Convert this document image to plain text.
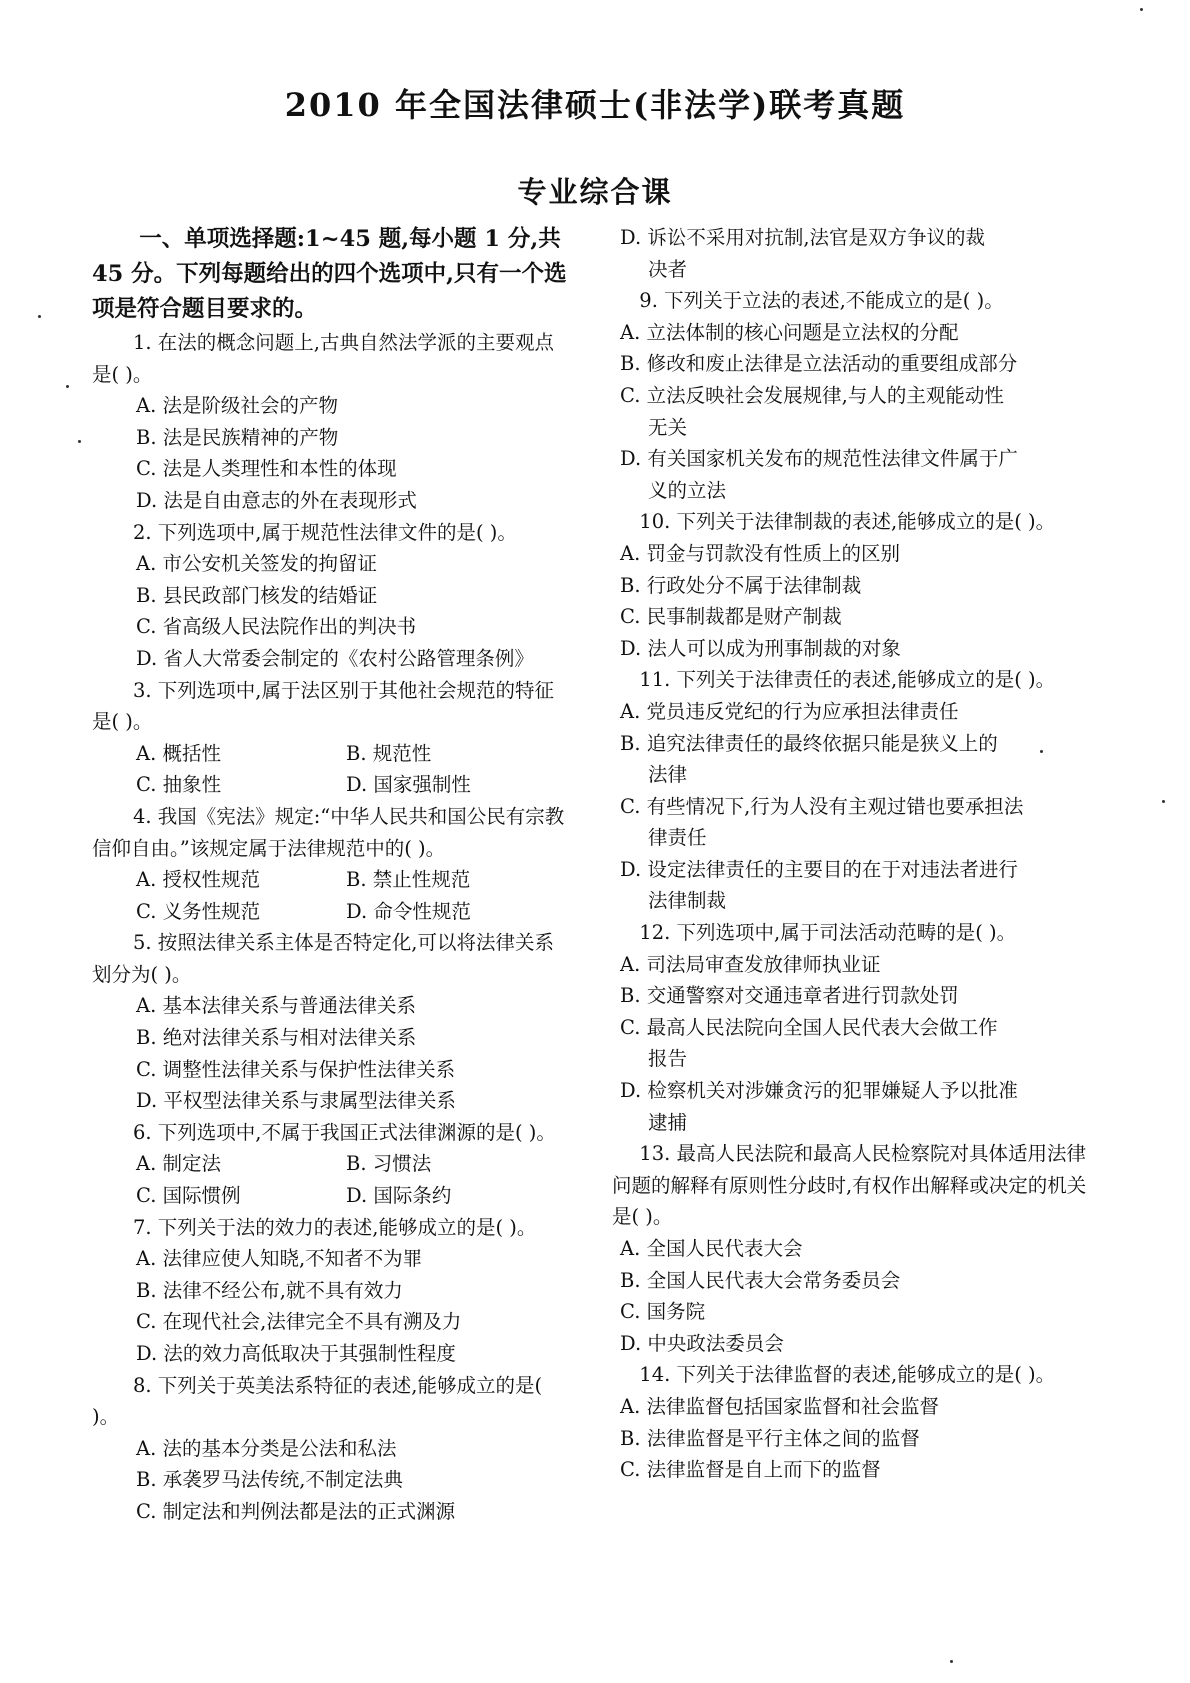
2010 年全国法律硕士(非法学)联考真题
专业综合课

一、单项选择题:1~45 题,每小题 1 分,共 45 分。下列每题给出的四个选项中,只有一个选项是符合题目要求的。

1. 在法的概念问题上,古典自然法学派的主要观点是( )。

A. 法是阶级社会的产物

B. 法是民族精神的产物

C. 法是人类理性和本性的体现

D. 法是自由意志的外在表现形式

2. 下列选项中,属于规范性法律文件的是( )。

A. 市公安机关签发的拘留证

B. 县民政部门核发的结婚证

C. 省高级人民法院作出的判决书

D. 省人大常委会制定的《农村公路管理条例》

3. 下列选项中,属于法区别于其他社会规范的特征是( )。

A. 概括性	B. 规范性
C. 抽象性	D. 国家强制性

4. 我国《宪法》规定:“中华人民共和国公民有宗教信仰自由。”该规定属于法律规范中的( )。

A. 授权性规范	B. 禁止性规范
C. 义务性规范	D. 命令性规范

5. 按照法律关系主体是否特定化,可以将法律关系划分为( )。

A. 基本法律关系与普通法律关系

B. 绝对法律关系与相对法律关系

C. 调整性法律关系与保护性法律关系

D. 平权型法律关系与隶属型法律关系

6. 下列选项中,不属于我国正式法律渊源的是( )。

A. 制定法	B. 习惯法
C. 国际惯例	D. 国际条约

7. 下列关于法的效力的表述,能够成立的是( )。

A. 法律应使人知晓,不知者不为罪

B. 法律不经公布,就不具有效力

C. 在现代社会,法律完全不具有溯及力

D. 法的效力高低取决于其强制性程度

8. 下列关于英美法系特征的表述,能够成立的是( )。

A. 法的基本分类是公法和私法

B. 承袭罗马法传统,不制定法典

C. 制定法和判例法都是法的正式渊源

D. 诉讼不采用对抗制,法官是双方争议的裁
决者

9. 下列关于立法的表述,不能成立的是( )。

A. 立法体制的核心问题是立法权的分配

B. 修改和废止法律是立法活动的重要组成部分

C. 立法反映社会发展规律,与人的主观能动性
无关

D. 有关国家机关发布的规范性法律文件属于广
义的立法

10. 下列关于法律制裁的表述,能够成立的是( )。

A. 罚金与罚款没有性质上的区别

B. 行政处分不属于法律制裁

C. 民事制裁都是财产制裁

D. 法人可以成为刑事制裁的对象

11. 下列关于法律责任的表述,能够成立的是( )。

A. 党员违反党纪的行为应承担法律责任

B. 追究法律责任的最终依据只能是狭义上的
法律

C. 有些情况下,行为人没有主观过错也要承担法
律责任

D. 设定法律责任的主要目的在于对违法者进行
法律制裁

12. 下列选项中,属于司法活动范畴的是( )。

A. 司法局审查发放律师执业证

B. 交通警察对交通违章者进行罚款处罚

C. 最高人民法院向全国人民代表大会做工作
报告

D. 检察机关对涉嫌贪污的犯罪嫌疑人予以批准
逮捕

13. 最高人民法院和最高人民检察院对具体适用法律问题的解释有原则性分歧时,有权作出解释或决定的机关是( )。

A. 全国人民代表大会

B. 全国人民代表大会常务委员会

C. 国务院

D. 中央政法委员会

14. 下列关于法律监督的表述,能够成立的是( )。

A. 法律监督包括国家监督和社会监督

B. 法律监督是平行主体之间的监督

C. 法律监督是自上而下的监督
